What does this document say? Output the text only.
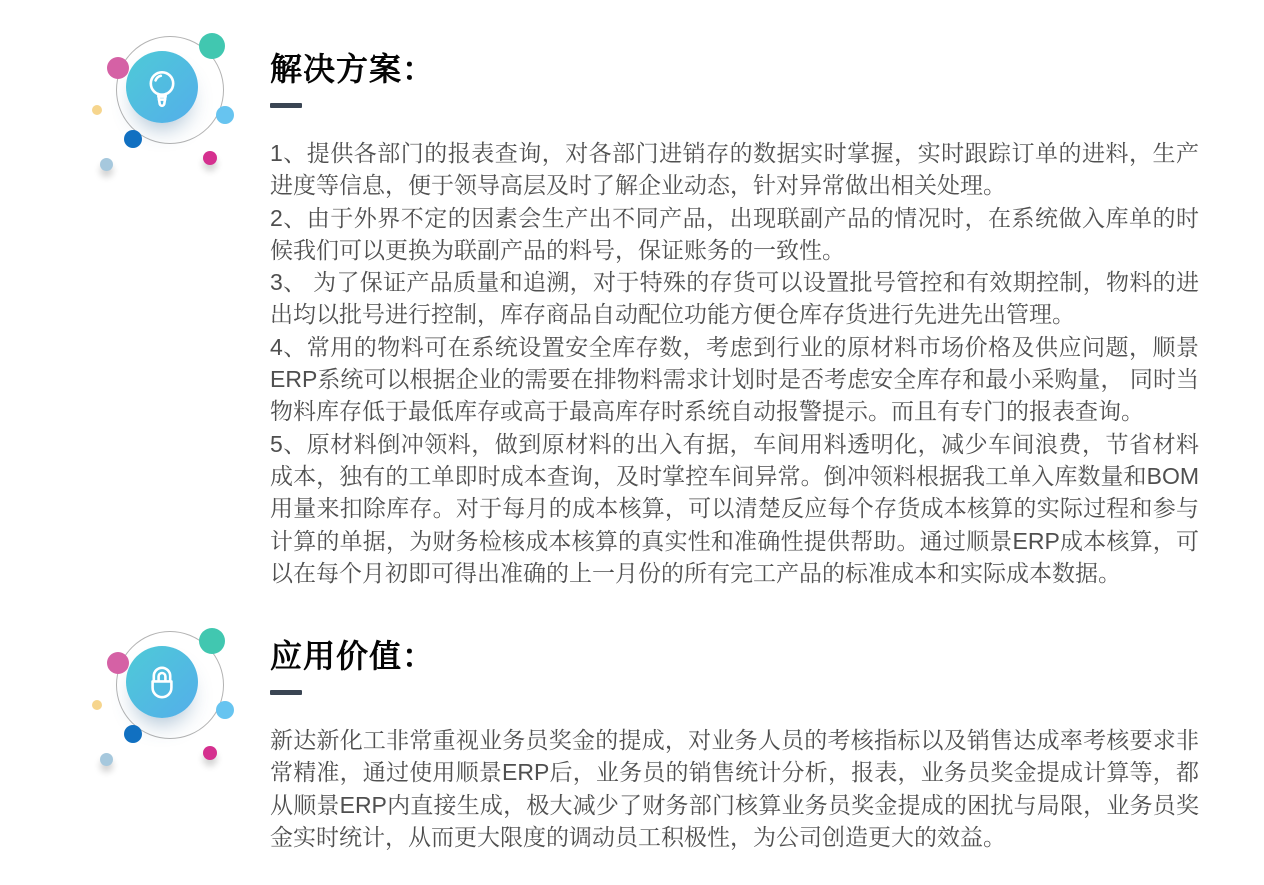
解决方案：

1、提供各部门的报表查询，对各部门进销存的数据实时掌握，实时跟踪订单的进料，生产进度等信息，便于领导高层及时了解企业动态，针对异常做出相关处理。

2、由于外界不定的因素会生产出不同产品，出现联副产品的情况时，在系统做入库单的时候我们可以更换为联副产品的料号，保证账务的一致性。

3、 为了保证产品质量和追溯，对于特殊的存货可以设置批号管控和有效期控制，物料的进出均以批号进行控制，库存商品自动配位功能方便仓库存货进行先进先出管理。

4、常用的物料可在系统设置安全库存数，考虑到行业的原材料市场价格及供应问题，顺景ERP系统可以根据企业的需要在排物料需求计划时是否考虑安全库存和最小采购量， 同时当物料库存低于最低库存或高于最高库存时系统自动报警提示。而且有专门的报表查询。

5、原材料倒冲领料，做到原材料的出入有据，车间用料透明化，减少车间浪费，节省材料成本，独有的工单即时成本查询，及时掌控车间异常。倒冲领料根据我工单入库数量和BOM用量来扣除库存。对于每月的成本核算，可以清楚反应每个存货成本核算的实际过程和参与计算的单据，为财务检核成本核算的真实性和准确性提供帮助。通过顺景ERP成本核算，可以在每个月初即可得出准确的上一月份的所有完工产品的标准成本和实际成本数据。

应用价值：

新达新化工非常重视业务员奖金的提成，对业务人员的考核指标以及销售达成率考核要求非常精准，通过使用顺景ERP后，业务员的销售统计分析，报表，业务员奖金提成计算等，都从顺景ERP内直接生成，极大减少了财务部门核算业务员奖金提成的困扰与局限，业务员奖金实时统计，从而更大限度的调动员工积极性，为公司创造更大的效益。
